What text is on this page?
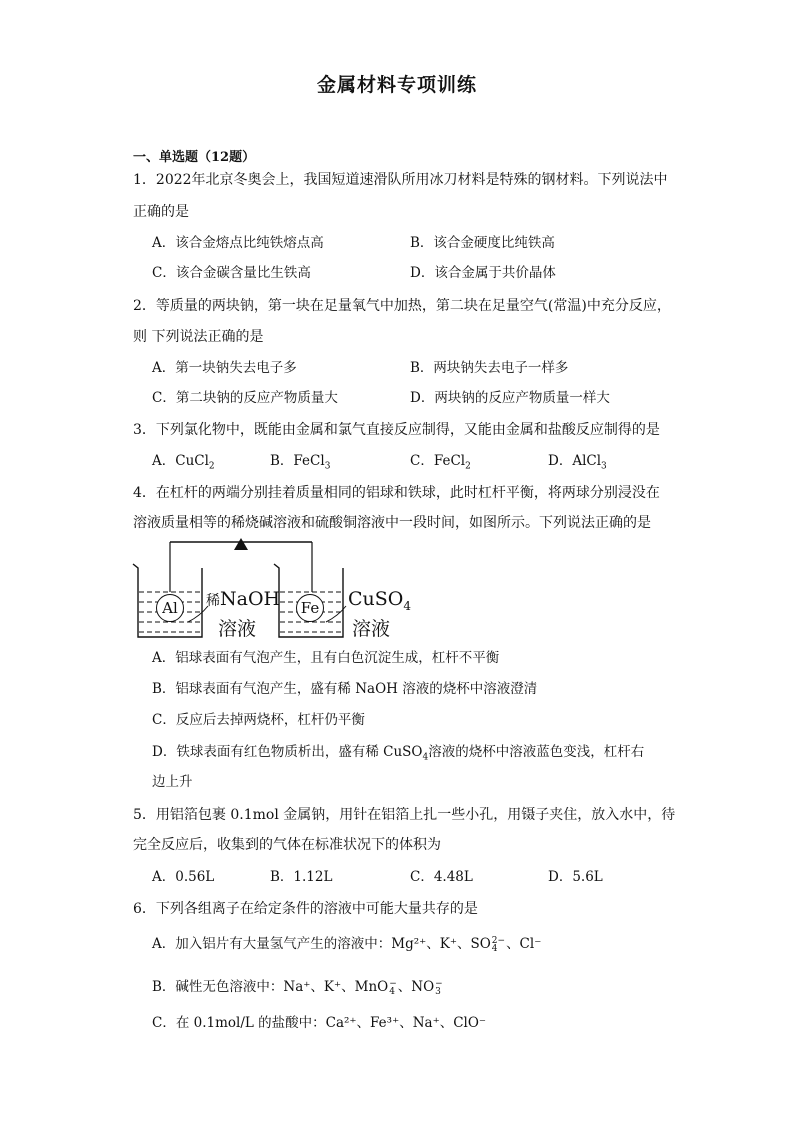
金属材料专项训练
一、单选题（12题）
1．2022年北京冬奥会上，我国短道速滑队所用冰刀材料是特殊的钢材料。下列说法中
正确的是
A．该合金熔点比纯铁熔点高	B．该合金硬度比纯铁高
C．该合金碳含量比生铁高	D．该合金属于共价晶体
2．等质量的两块钠，第一块在足量氧气中加热，第二块在足量空气(常温)中充分反应，
则 下列说法正确的是
A．第一块钠失去电子多	B．两块钠失去电子一样多
C．第二块钠的反应产物质量大	D．两块钠的反应产物质量一样大
3．下列氯化物中，既能由金属和氯气直接反应制得，又能由金属和盐酸反应制得的是
A．CuCl$_2$	B．FeCl$_3$	C．FeCl$_2$	D．AlCl$_3$
4．在杠杆的两端分别挂着质量相同的铝球和铁球，此时杠杆平衡，将两球分别浸没在
溶液质量相等的稀烧碱溶液和硫酸铜溶液中一段时间，如图所示。下列说法正确的是
Al	Fe
稀NaOH
溶液
CuSO$_4$
溶液
A．铝球表面有气泡产生，且有白色沉淀生成，杠杆不平衡
B．铝球表面有气泡产生，盛有稀 NaOH 溶液的烧杯中溶液澄清
C．反应后去掉两烧杯，杠杆仍平衡
D．铁球表面有红色物质析出，盛有稀 CuSO$_4$溶液的烧杯中溶液蓝色变浅，杠杆右
边上升
5．用铝箔包裹 0.1mol 金属钠，用针在铝箔上扎一些小孔，用镊子夹住，放入水中，待
完全反应后，收集到的气体在标准状况下的体积为
A．0.56L	B．1.12L	C．4.48L	D．5.6L
6．下列各组离子在给定条件的溶液中可能大量共存的是
A．加入铝片有大量氢气产生的溶液中：Mg²⁺、K⁺、SO2−
4 、Cl⁻
B．碱性无色溶液中：Na⁺、K⁺、MnO−
4 、NO−
3
C．在 0.1mol/L 的盐酸中：Ca²⁺、Fe³⁺、Na⁺、ClO⁻
